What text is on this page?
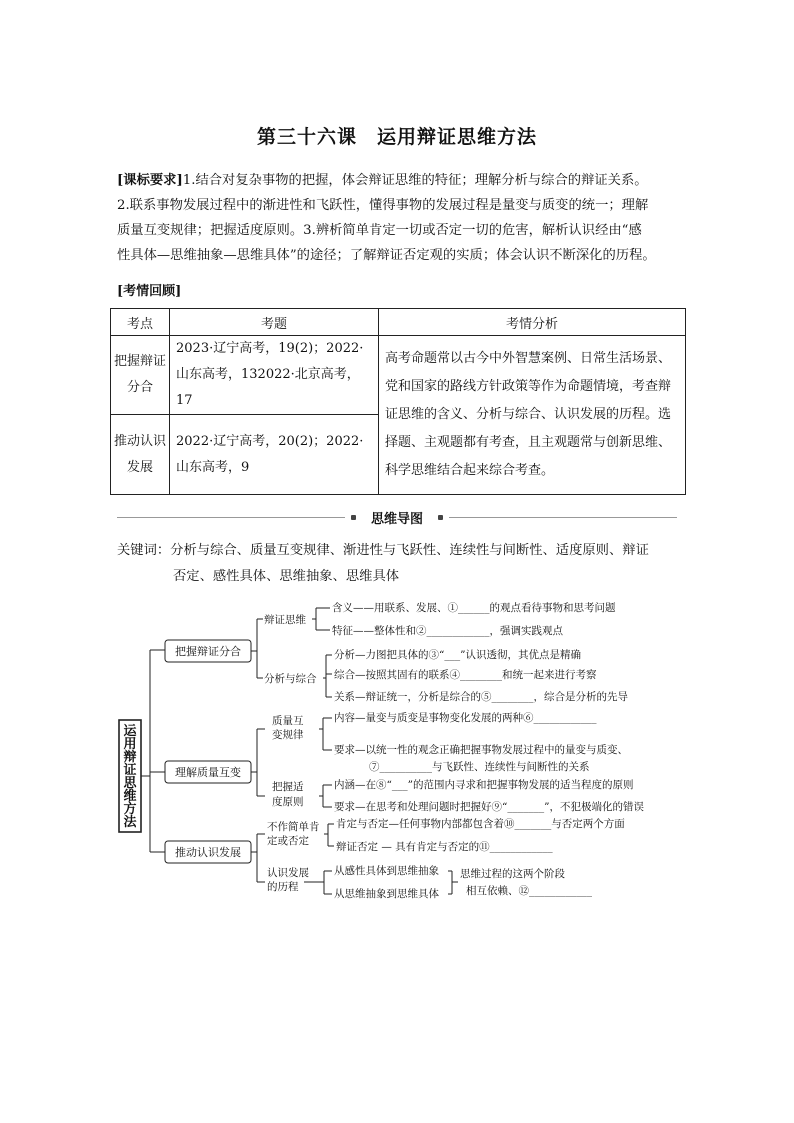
第三十六课　运用辩证思维方法

[课标要求]1.结合对复杂事物的把握，体会辩证思维的特征；理解分析与综合的辩证关系。

2.联系事物发展过程中的渐进性和飞跃性，懂得事物的发展过程是量变与质变的统一；理解

质量互变规律；把握适度原则。3.辨析简单肯定一切或否定一切的危害，解析认识经由“感

性具体—思维抽象—思维具体”的途径；了解辩证否定观的实质；体会认识不断深化的历程。

[考情回顾]
考点	考题	考情分析
把握辩证分合	2023·辽宁高考，19(2)；2022·山东高考，132022·北京高考，17	高考命题常以古今中外智慧案例、日常生活场景、党和国家的路线方针政策等作为命题情境，考查辩证思维的含义、分析与综合、认识发展的历程。选择题、主观题都有考查，且主观题常与创新思维、科学思维结合起来综合考查。
推动认识发展	2022·辽宁高考，20(2)；2022·山东高考，9	
思维导图
关键词：分析与综合、质量互变规律、渐进性与飞跃性、连续性与间断性、适度原则、辩证
否定、感性具体、思维抽象、思维具体
运
用
辩
证
思
维
方
法
把握辩证分合
理解质量互变
推动认识发展
辩证思维
含义——用联系、发展、①______的观点看待事物和思考问题
特征——整体性和②____________，强调实践观点
分析与综合
分析—力图把具体的③“___”认识透彻，其优点是精确
综合—按照其固有的联系④________和统一起来进行考察
关系—辩证统一，分析是综合的⑤________，综合是分析的先导
质量互
变规律
内容—量变与质变是事物变化发展的两种⑥____________
要求—以统一性的观念正确把握事物发展过程中的量变与质变、
⑦__________与飞跃性、连续性与间断性的关系
把握适
度原则
内涵—在⑧“___”的范围内寻求和把握事物发展的适当程度的原则
要求—在思考和处理问题时把握好⑨“_______”，不犯极端化的错误
不作简单肯
定或否定
肯定与否定—任何事物内部都包含着⑩_______与否定两个方面
辩证否定 — 具有肯定与否定的⑪____________
认识发展
的历程
从感性具体到思维抽象
从思维抽象到思维具体
思维过程的这两个阶段
相互依赖、⑫____________
